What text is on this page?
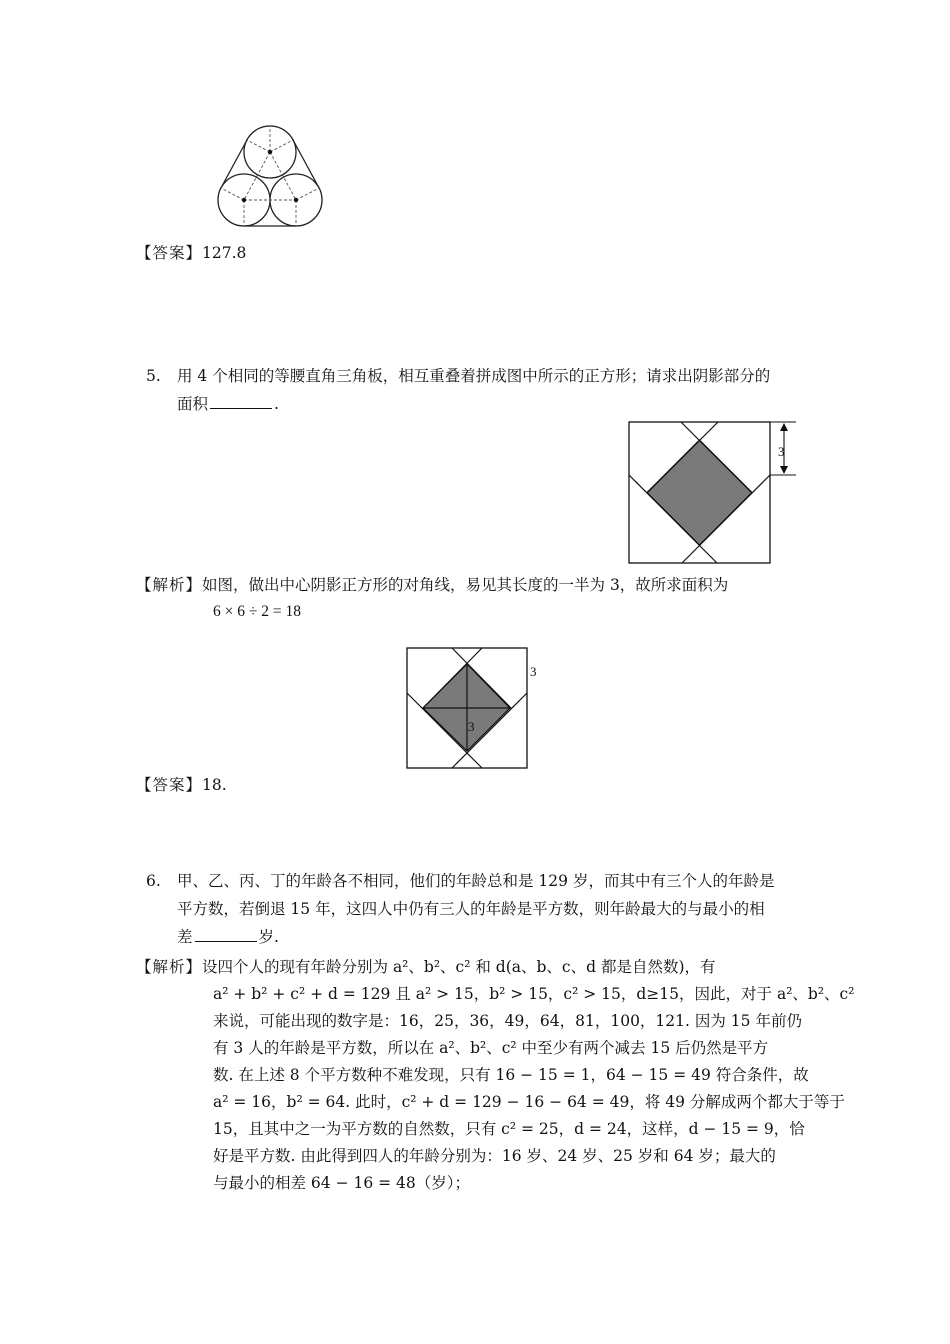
【答案】127.8
5. 用 4 个相同的等腰直角三角板，相互重叠着拼成图中所示的正方形；请求出阴影部分的
面积	.
3
【解析】如图，做出中心阴影正方形的对角线，易见其长度的一半为 3，故所求面积为
6 × 6 ÷ 2 = 18
3
3
【答案】18.
6. 甲、乙、丙、丁的年龄各不相同，他们的年龄总和是 129 岁，而其中有三个人的年龄是
平方数，若倒退 15 年，这四人中仍有三人的年龄是平方数，则年龄最大的与最小的相
差	岁.
【解析】设四个人的现有年龄分别为 a²、b²、c² 和 d(a、b、c、d 都是自然数)，有
a² + b² + c² + d = 129 且 a² > 15，b² > 15，c² > 15，d≥15，因此，对于 a²、b²、c²
来说，可能出现的数字是：16，25，36，49，64，81，100，121. 因为 15 年前仍
有 3 人的年龄是平方数，所以在 a²、b²、c² 中至少有两个减去 15 后仍然是平方
数. 在上述 8 个平方数种不难发现，只有 16 − 15 = 1，64 − 15 = 49 符合条件，故
a² = 16，b² = 64. 此时，c² + d = 129 − 16 − 64 = 49，将 49 分解成两个都大于等于
15，且其中之一为平方数的自然数，只有 c² = 25，d = 24，这样，d − 15 = 9，恰
好是平方数. 由此得到四人的年龄分别为：16 岁、24 岁、25 岁和 64 岁；最大的
与最小的相差 64 − 16 = 48（岁）；
